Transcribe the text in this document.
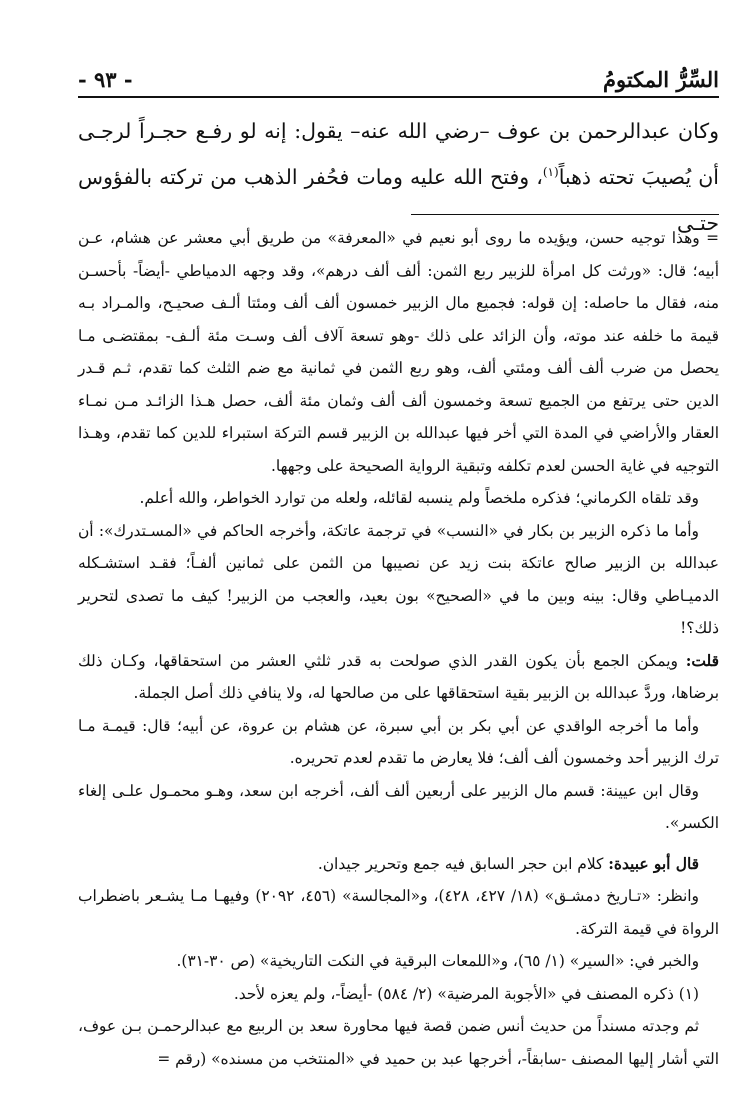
السِّرُّ المكتومُ
- ٩٣ -
وكان عبدالرحمن بن عوف –رضي الله عنه– يقول: إنه لو رفـع حجـراً لرجـى أن يُصيبَ تحته ذهباً$^{(١)}$، وفتح الله عليه ومات فحُفر الذهب من تركته بالفؤوس حتـى

= وهذا توجيه حسن، ويؤيده ما روى أبو نعيم في «المعرفة» من طريق أبي معشر عن هشام، عـن أبيه؛ قال: «ورثت كل امرأة للزبير ربع الثمن: ألف ألف درهم»، وقد وجهه الدمياطي -أيضاً- بأحسـن منه، فقال ما حاصله: إن قوله: فجميع مال الزبير خمسون ألف ألف ومئتا ألـف صحيـح، والمـراد بـه قيمة ما خلفه عند موته، وأن الزائد على ذلك -وهو تسعة آلاف ألف وسـت مئة ألـف- بمقتضـى مـا يحصل من ضرب ألف ألف ومئتي ألف، وهو ربع الثمن في ثمانية مع ضم الثلث كما تقدم، ثـم قـدر الدين حتى يرتفع من الجميع تسعة وخمسون ألف ألف وثمان مئة ألف، حصل هـذا الزائـد مـن نمـاء العقار والأراضي في المدة التي أخر فيها عبدالله بن الزبير قسم التركة استبراء للدين كما تقدم، وهـذا التوجيه في غاية الحسن لعدم تكلفه وتبقية الرواية الصحيحة على وجهها.

وقد تلقاه الكرماني؛ فذكره ملخصاً ولم ينسبه لقائله، ولعله من توارد الخواطر، والله أعلم.

وأما ما ذكره الزبير بن بكار في «النسب» في ترجمة عاتكة، وأخرجه الحاكم في «المسـتدرك»: أن عبدالله بن الزبير صالح عاتكة بنت زيد عن نصيبها من الثمن على ثمانين ألفـاً؛ فقـد استشـكله الدميـاطي وقال: بينه وبين ما في «الصحيح» بون بعيد، والعجب من الزبير! كيف ما تصدى لتحرير ذلك؟!

قلت: ويمكن الجمع بأن يكون القدر الذي صولحت به قدر ثلثي العشر من استحقاقها، وكـان ذلك برضاها، وردَّ عبدالله بن الزبير بقية استحقاقها على من صالحها له، ولا ينافي ذلك أصل الجملة.

وأما ما أخرجه الواقدي عن أبي بكر بن أبي سبرة، عن هشام بن عروة، عن أبيه؛ قال: قيمـة مـا ترك الزبير أحد وخمسون ألف ألف؛ فلا يعارض ما تقدم لعدم تحريره.

وقال ابن عيينة: قسم مال الزبير على أربعين ألف ألف، أخرجه ابن سعد، وهـو محمـول علـى إلغاء الكسر».

قال أبو عبيدة: كلام ابن حجر السابق فيه جمع وتحرير جيدان.

وانظر: «تـاريخ دمشـق» (١٨/ ٤٢٧، ٤٢٨)، و«المجالسة» (٤٥٦، ٢٠٩٢) وفيهـا مـا يشـعر باضطراب الرواة في قيمة التركة.

والخبر في: «السير» (١/ ٦٥)، و«اللمعات البرقية في النكت التاريخية» (ص ٣٠-٣١).

(١) ذكره المصنف في «الأجوبة المرضية» (٢/ ٥٨٤) -أيضاً-، ولم يعزه لأحد.

ثم وجدته مسنداً من حديث أنس ضمن قصة فيها محاورة سعد بن الربيع مع عبدالرحمـن بـن عوف، التي أشار إليها المصنف -سابقاً-، أخرجها عبد بن حميد في «المنتخب من مسنده» (رقم =
